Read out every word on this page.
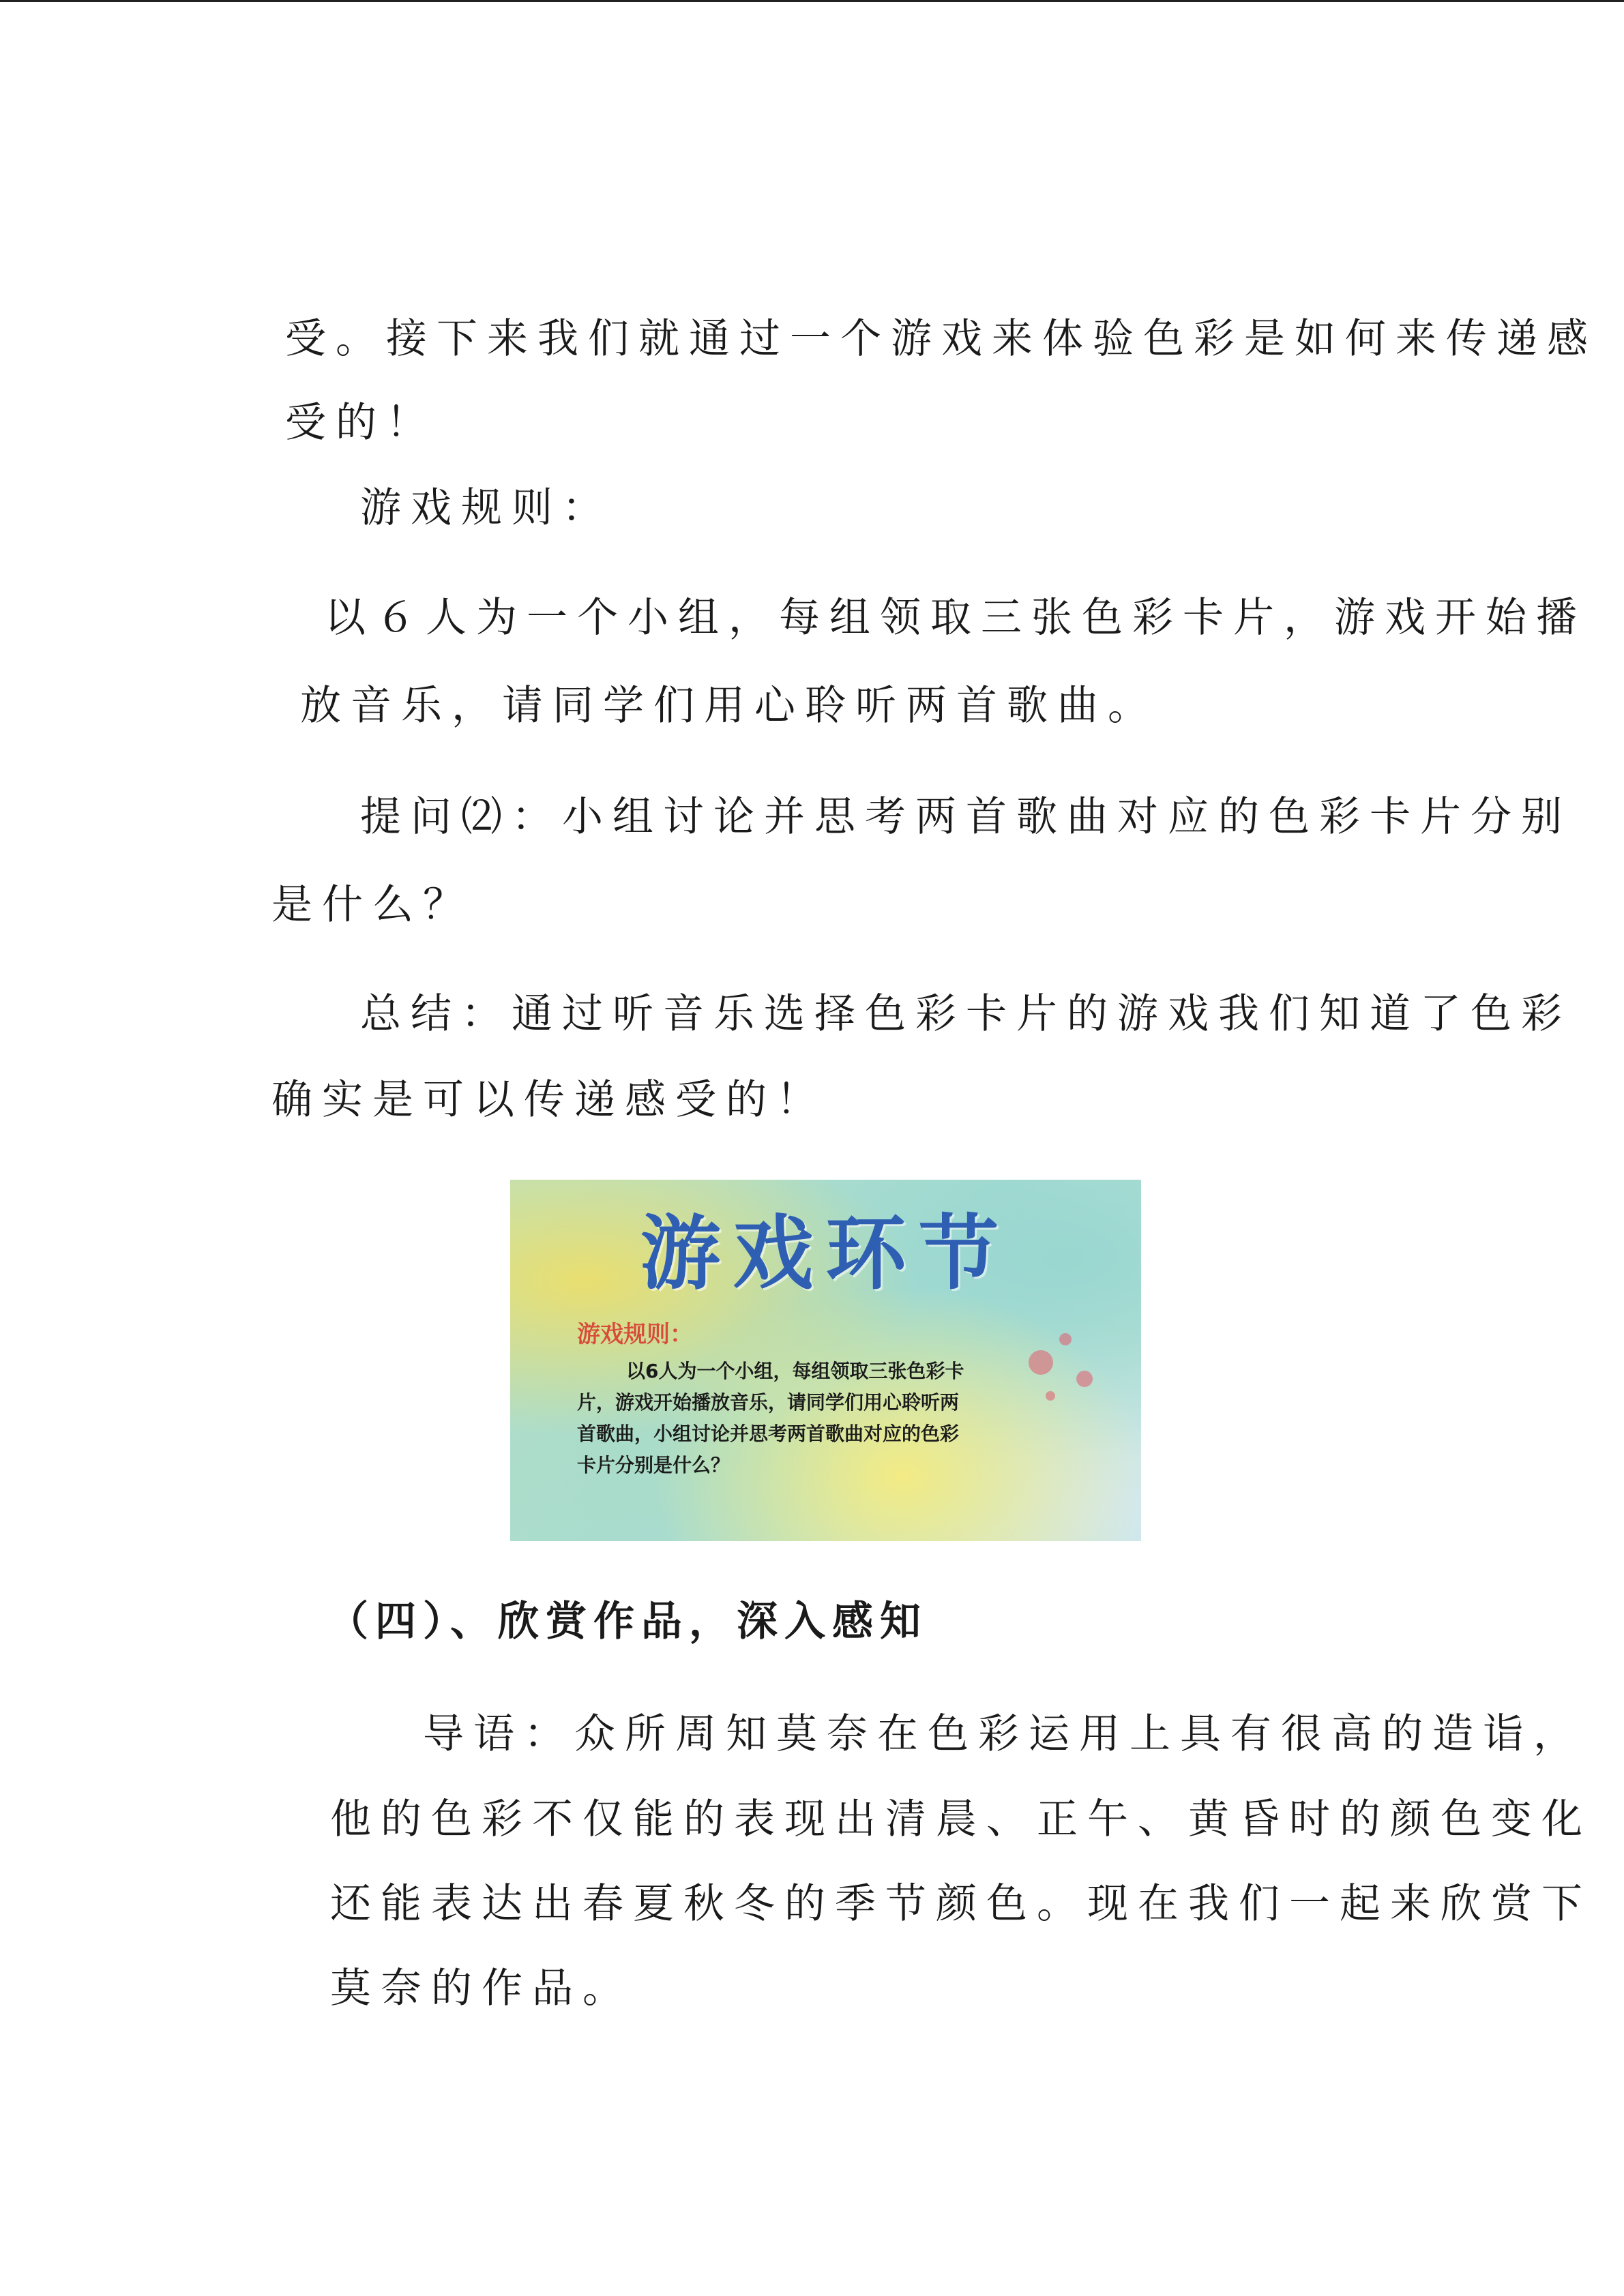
受。接下来我们就通过一个游戏来体验色彩是如何来传递感
受的！
游戏规则：
以６人为一个小组，每组领取三张色彩卡片，游戏开始播
放音乐，请同学们用心聆听两首歌曲。
提问⑵：小组讨论并思考两首歌曲对应的色彩卡片分别
是什么？
总结：通过听音乐选择色彩卡片的游戏我们知道了色彩
确实是可以传递感受的！
游戏环节
游戏规则：
以6人为一个小组，每组领取三张色彩卡
片，游戏开始播放音乐，请同学们用心聆听两
首歌曲，小组讨论并思考两首歌曲对应的色彩
卡片分别是什么？
（四）、欣赏作品，深入感知
导语：众所周知莫奈在色彩运用上具有很高的造诣，
他的色彩不仅能的表现出清晨、正午、黄昏时的颜色变化
还能表达出春夏秋冬的季节颜色。现在我们一起来欣赏下
莫奈的作品。
